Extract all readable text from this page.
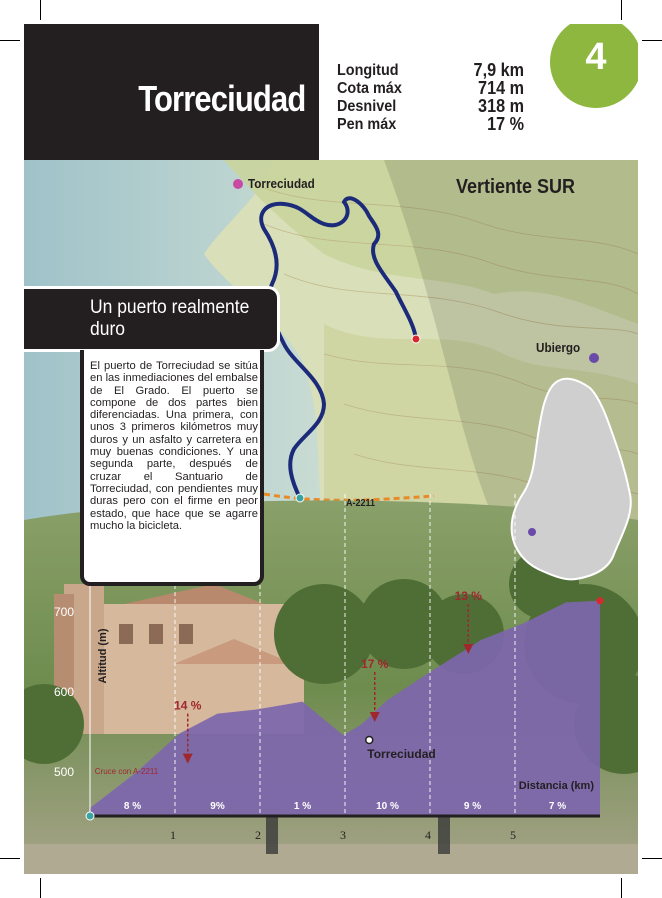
Torreciudad
Longitud	7,9 km
Cota máx	714 m
Desnivel	318 m
Pen máx	17 %
4
Vertiente SUR
Torreciudad
Ubiergo
A-2211
8 %	9%	1 %	10 %	9 %	7 %
1	2	3	4	5
500
600
700
Altitud (m)
Distancia (km)
14 %
17 %
13 %
Torreciudad
Cruce con A-2211
Un puerto realmente duro
El puerto de Torreciudad se sitúa en las inmediaciones del embalse de El Grado. El puerto se compone de dos partes bien diferenciadas. Una primera, con unos 3 primeros kilómetros muy duros y un asfalto y carretera en muy buenas condiciones. Y una segunda parte, después de cruzar el Santuario de Torreciudad, con pendientes muy duras pero con el firme en peor estado, que hace que se agarre mucho la bicicleta.
